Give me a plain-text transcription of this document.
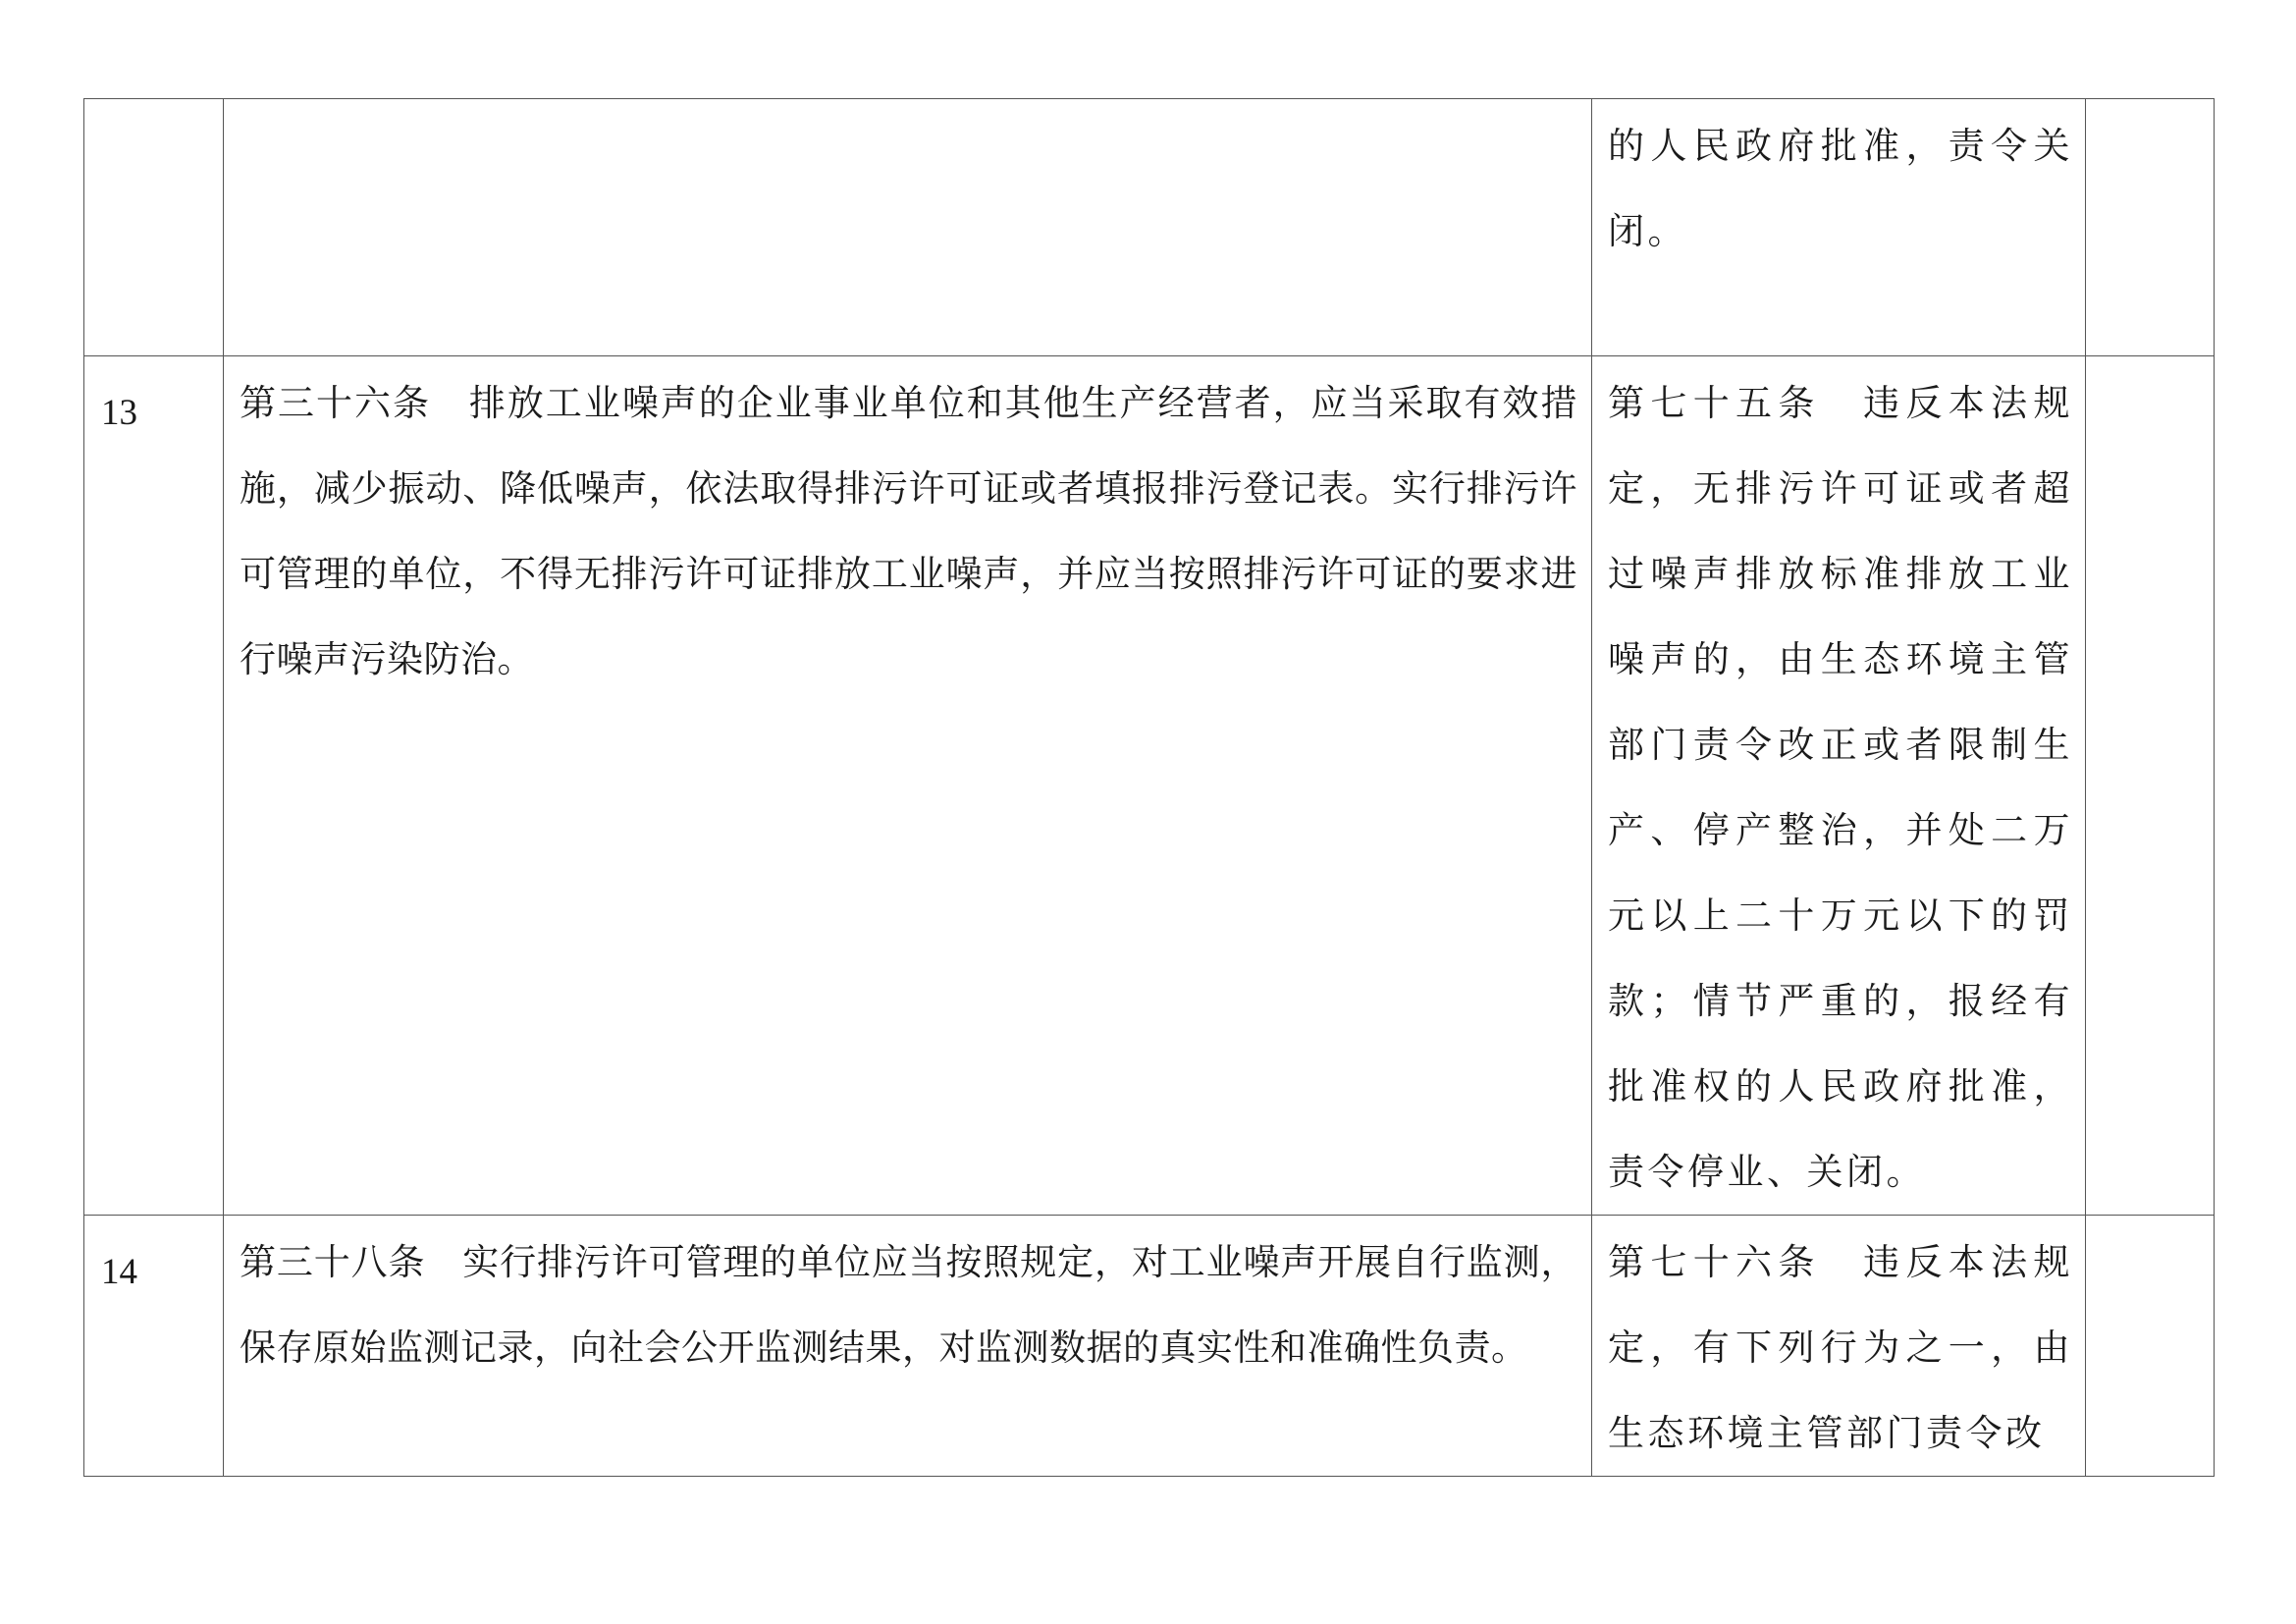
		的人民政府批准，责令关闭。	
13	第三十六条　排放工业噪声的企业事业单位和其他生产经营者，应当采取有效措施，减少振动、降低噪声，依法取得排污许可证或者填报排污登记表。实行排污许可管理的单位，不得无排污许可证排放工业噪声，并应当按照排污许可证的要求进行噪声污染防治。	第七十五条　违反本法规定，无排污许可证或者超过噪声排放标准排放工业噪声的，由生态环境主管部门责令改正或者限制生产、停产整治，并处二万元以上二十万元以下的罚款；情节严重的，报经有批准权的人民政府批准，责令停业、关闭。	
14	第三十八条　实行排污许可管理的单位应当按照规定，对工业噪声开展自行监测，保存原始监测记录，向社会公开监测结果，对监测数据的真实性和准确性负责。	第七十六条　违反本法规定，有下列行为之一，由生态环境主管部门责令改	
